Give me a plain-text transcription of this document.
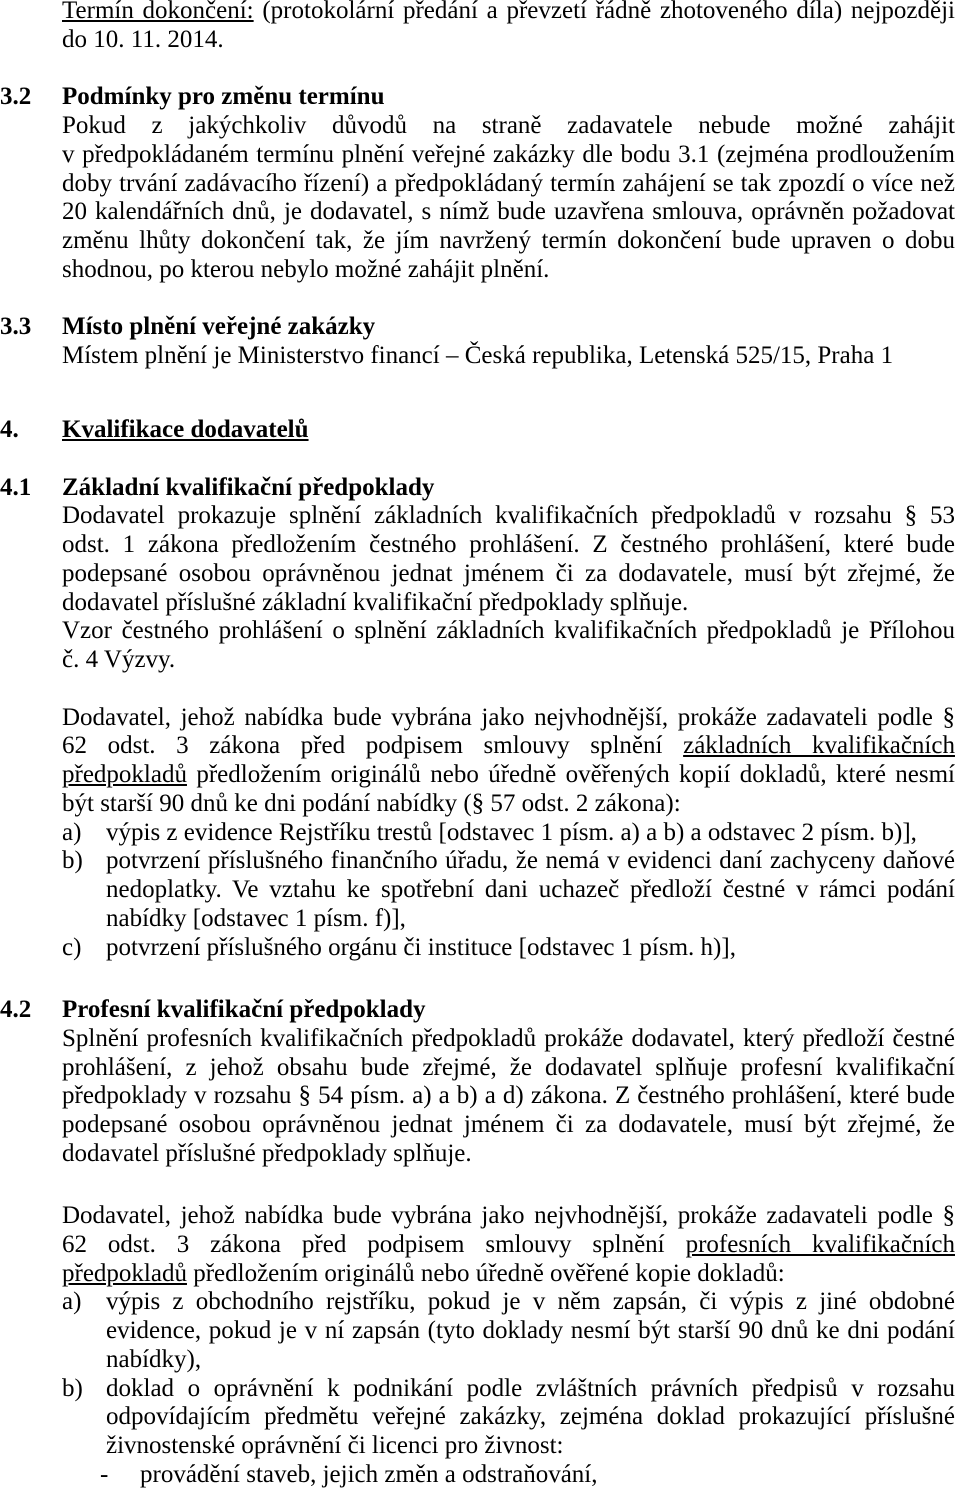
Termín dokončení: (protokolární předání a převzetí řádně zhotoveného díla) nejpozději
do 10. 11. 2014.
3.2	Podmínky pro změnu termínu
Pokud z jakýchkoliv důvodů na straně zadavatele nebude možné zahájit
v předpokládaném termínu plnění veřejné zakázky dle bodu 3.1 (zejména prodloužením
doby trvání zadávacího řízení) a předpokládaný termín zahájení se tak zpozdí o více než
20 kalendářních dnů, je dodavatel, s nímž bude uzavřena smlouva, oprávněn požadovat
změnu lhůty dokončení tak, že jím navržený termín dokončení bude upraven o dobu
shodnou, po kterou nebylo možné zahájit plnění.
3.3	Místo plnění veřejné zakázky
Místem plnění je Ministerstvo financí – Česká republika, Letenská 525/15, Praha 1
4.	Kvalifikace dodavatelů
4.1	Základní kvalifikační předpoklady
Dodavatel prokazuje splnění základních kvalifikačních předpokladů v rozsahu § 53
odst. 1 zákona předložením čestného prohlášení. Z čestného prohlášení, které bude
podepsané osobou oprávněnou jednat jménem či za dodavatele, musí být zřejmé, že
dodavatel příslušné základní kvalifikační předpoklady splňuje.
Vzor čestného prohlášení o splnění základních kvalifikačních předpokladů je Přílohou
č. 4 Výzvy.
Dodavatel, jehož nabídka bude vybrána jako nejvhodnější, prokáže zadavateli podle §
62 odst. 3 zákona před podpisem smlouvy splnění základních kvalifikačních
předpokladů předložením originálů nebo úředně ověřených kopií dokladů, které nesmí
být starší 90 dnů ke dni podání nabídky (§ 57 odst. 2 zákona):
a) výpis z evidence Rejstříku trestů [odstavec 1 písm. a) a b) a odstavec 2 písm. b)],
b) potvrzení příslušného finančního úřadu, že nemá v evidenci daní zachyceny daňové
nedoplatky. Ve vztahu ke spotřební dani uchazeč předloží čestné v rámci podání
nabídky [odstavec 1 písm. f)],
c) potvrzení příslušného orgánu či instituce [odstavec 1 písm. h)],
4.2	Profesní kvalifikační předpoklady
Splnění profesních kvalifikačních předpokladů prokáže dodavatel, který předloží čestné
prohlášení, z jehož obsahu bude zřejmé, že dodavatel splňuje profesní kvalifikační
předpoklady v rozsahu § 54 písm. a) a b) a d) zákona. Z čestného prohlášení, které bude
podepsané osobou oprávněnou jednat jménem či za dodavatele, musí být zřejmé, že
dodavatel příslušné předpoklady splňuje.
Dodavatel, jehož nabídka bude vybrána jako nejvhodnější, prokáže zadavateli podle §
62 odst. 3 zákona před podpisem smlouvy splnění profesních kvalifikačních
předpokladů předložením originálů nebo úředně ověřené kopie dokladů:
a) výpis z obchodního rejstříku, pokud je v něm zapsán, či výpis z jiné obdobné
evidence, pokud je v ní zapsán (tyto doklady nesmí být starší 90 dnů ke dni podání
nabídky),
b) doklad o oprávnění k podnikání podle zvláštních právních předpisů v rozsahu
odpovídajícím předmětu veřejné zakázky, zejména doklad prokazující příslušné
živnostenské oprávnění či licenci pro živnost:
-	provádění staveb, jejich změn a odstraňování,
